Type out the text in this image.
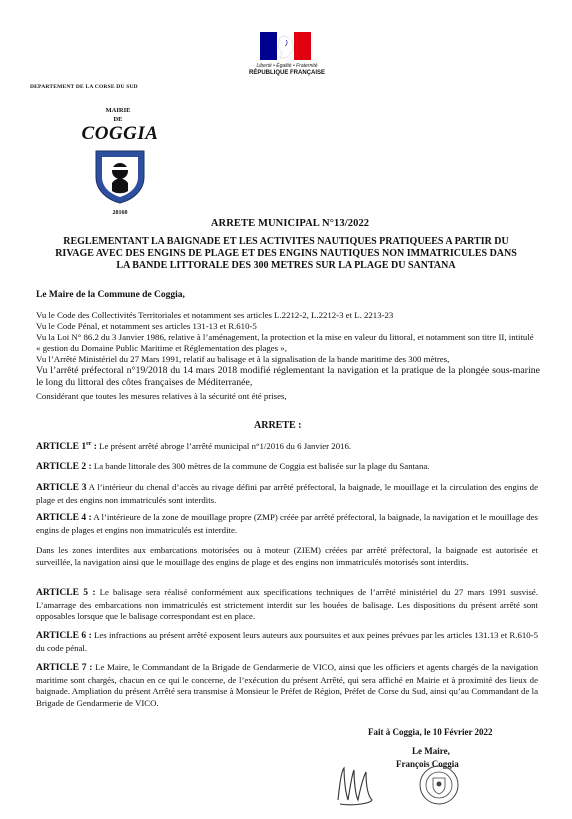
Liberté • Égalité • Fraternité
RÉPUBLIQUE FRANÇAISE
DEPARTEMENT DE LA CORSE DU SUD
MAIRIE
DE
COGGIA
20160
ARRETE MUNICIPAL N°13/2022
REGLEMENTANT LA BAIGNADE ET LES ACTIVITES NAUTIQUES PRATIQUEES A PARTIR DU
RIVAGE AVEC DES ENGINS DE PLAGE ET DES ENGINS NAUTIQUES NON IMMATRICULES DANS
LA BANDE LITTORALE DES 300 METRES SUR LA PLAGE DU SANTANA
Le Maire de la Commune de Coggia,
Vu le Code des Collectivités Territoriales et notamment ses articles L.2212-2, L.2212-3 et L. 2213-23
Vu le Code Pénal, et notamment ses articles 131-13 et R.610-5
Vu la Loi N° 86.2 du 3 Janvier 1986, relative à l’aménagement, la protection et la mise en valeur du littoral, et notamment son titre II, intitulé « gestion du Domaine Public Maritime et Réglementation des plages »,
Vu l’Arrêté Ministériel du 27 Mars 1991, relatif au balisage et à la signalisation de la bande maritime des 300 mètres,
Vu l’arrêté préfectoral n°19/2018 du 14 mars 2018 modifié réglementant la navigation et la pratique de la plongée sous-marine le long du littoral des côtes françaises de Méditerranée,
Considérant que toutes les mesures relatives à la sécurité ont été prises,
ARRETE :
ARTICLE 1er : Le présent arrêté abroge l’arrêté municipal n°1/2016 du 6 Janvier 2016.
ARTICLE 2 : La bande littorale des 300 mètres de la commune de Coggia est balisée sur la plage du Santana.
ARTICLE 3 A l’intérieur du chenal d’accès au rivage défini par arrêté préfectoral, la baignade, le mouillage et la circulation des engins de plage et des engins non immatriculés sont interdits.
ARTICLE 4 : A l’intérieure de la zone de mouillage propre (ZMP) créée par arrêté préfectoral, la baignade, la navigation et le mouillage des engins de plages et engins non immatriculés est interdite.
Dans les zones interdites aux embarcations motorisées ou à moteur (ZIEM) créées par arrêté préfectoral, la baignade est autorisée et surveillée, la navigation ainsi que le mouillage des engins de plage et des engins non immatriculés motorisés sont interdits.
ARTICLE 5 : Le balisage sera réalisé conformément aux specifications techniques de l’arrêté ministériel du 27 mars 1991 susvisé. L’amarrage des embarcations non immatriculés est strictement interdit sur les bouées de balisage. Les dispositions du présent arrêté sont opposables lorsque que le balisage correspondant est en place.
ARTICLE 6 : Les infractions au présent arrêté exposent leurs auteurs aux poursuites et aux peines prévues par les articles 131.13 et R.610-5 du code pénal.
ARTICLE 7 : Le Maire, le Commandant de la Brigade de Gendarmerie de VICO, ainsi que les officiers et agents chargés de la navigation maritime sont chargés, chacun en ce qui le concerne, de l’exécution du présent Arrêté, qui sera affiché en Mairie et à proximité des lieux de baignade. Ampliation du présent Arrêté sera transmise à Monsieur le Préfet de Région, Préfet de Corse du Sud, ainsi qu’au Commandant de la Brigade de Gendarmerie de VICO.
Fait à Coggia, le 10 Février 2022
Le Maire,
François Coggia
